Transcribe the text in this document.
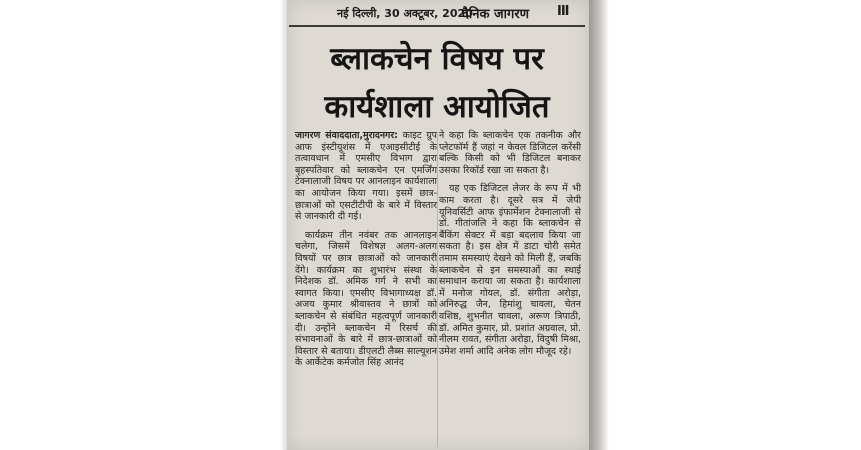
नई दिल्ली, 30 अक्टूबर, 2020
दैनिक जागरण III
ब्लाकचेन विषय पर
कार्यशाला आयोजित

जागरण संवाददाता,मुरादनगर: काइट ग्रुप आफ इंस्टीयूशंस में एआइसीटीई के तत्वावधान में एमसीए विभाग द्वारा बृहस्पतिवार को ब्लाकचेन एन एमर्जिंग टेक्नालाजी विषय पर आनलाइन कार्यशाला का आयोजन किया गया। इसमें छात्र-छात्राओं को एसटीटीपी के बारे में विस्तार से जानकारी दी गई।

कार्यक्रम तीन नवंबर तक आनलाइन चलेगा, जिसमें विशेषज्ञ अलग-अलग विषयों पर छात्र छात्राओं को जानकारी देंगे। कार्यक्रम का शुभारंभ संस्था के निदेशक डॉ. अमिक गर्ग ने सभी का स्वागत किया। एमसीए विभागाध्यक्ष डॉ. अजय कुमार श्रीवास्तव ने छात्रों को ब्लाकचेन से संबंधित महत्वपूर्ण जानकारी दी। उन्होंने ब्लाकचेन में रिसर्च की संभावनाओं के बारे में छात्र-छात्राओं को विस्तार से बताया। डीएलटी लैब्स साल्यूशन के आर्केटेक कर्मजोत सिंह आनंद

ने कहा कि ब्लाकचेन एक तकनीक और प्लेटफॉर्म हैं जहां न केवल डिजिटल करेंसी बल्कि किसी को भी डिजिटल बनाकर उसका रिकॉर्ड रखा जा सकता है।

यह एक डिजिटल लेजर के रूप में भी काम करता है। दूसरे सत्र में जेपी यूनिवर्सिटी आफ इंफार्मेशन टेक्नालाजी से डॉ. गीतांजलि ने कहा कि ब्लाकचेन से बैंकिंग सेक्टर में बड़ा बदलाव किया जा सकता है। इस क्षेत्र में डाटा चोरी समेत तमाम समस्याएं देखने को मिली हैं, जबकि ब्लाकचेन से इन समस्याओं का स्थाई समाधान कराया जा सकता है। कार्यशाला में मनोज गोयल, डॉ. संगीता अरोड़ा, अनिरुद्ध जैन, हिमांशु चावला, चेतन वशिष्ठ, शुभनीत चावला, अरूण त्रिपाठी, डॉ. अमित कुमार, प्रो. प्रशांत अग्रवाल, प्रो. नीलम रावत, संगीता अरोड़ा, विदुषी मिश्रा, उमेश शर्मा आदि अनेक लोग मौजूद रहे।
